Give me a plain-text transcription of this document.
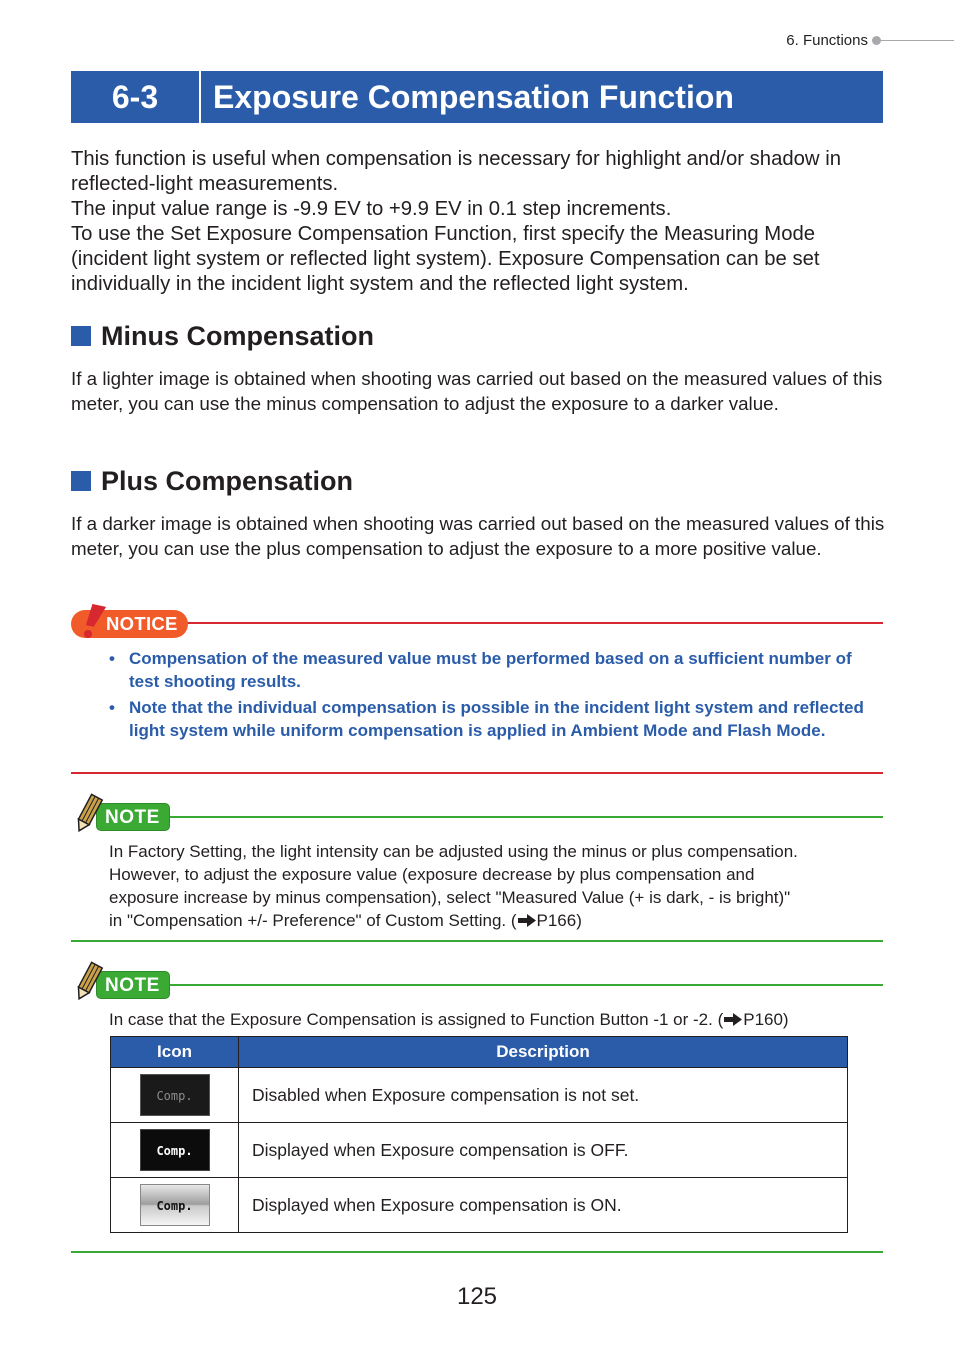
6. Functions
6-3	Exposure Compensation Function

This function is useful when compensation is necessary for highlight and/or shadow in reflected-light measurements.

The input value range is -9.9 EV to +9.9 EV in 0.1 step increments.

To use the Set Exposure Compensation Function, first specify the Measuring Mode (incident light system or reflected light system). Exposure Compensation can be set individually in the incident light system and the reflected light system.

Minus Compensation
If a lighter image is obtained when shooting was carried out based on the measured values of this meter, you can use the minus compensation to adjust the exposure to a darker value.
Plus Compensation
If a darker image is obtained when shooting was carried out based on the measured values of this meter, you can use the plus compensation to adjust the exposure to a more positive value.
NOTICE
• Compensation of the measured value must be performed based on a sufficient number of test shooting results.
• Note that the individual compensation is possible in the incident light system and reflected light system while uniform compensation is applied in Ambient Mode and Flash Mode.
NOTE

In Factory Setting, the light intensity can be adjusted using the minus or plus compensation.

However, to adjust the exposure value (exposure decrease by plus compensation and

exposure increase by minus compensation), select "Measured Value (+ is dark, - is bright)"

in "Compensation +/- Preference" of Custom Setting. ( P166)

NOTE
In case that the Exposure Compensation is assigned to Function Button -1 or -2. ( P160)
Icon	Description
Comp.	Disabled when Exposure compensation is not set.
Comp.	Displayed when Exposure compensation is OFF.
Comp.	Displayed when Exposure compensation is ON.
125
